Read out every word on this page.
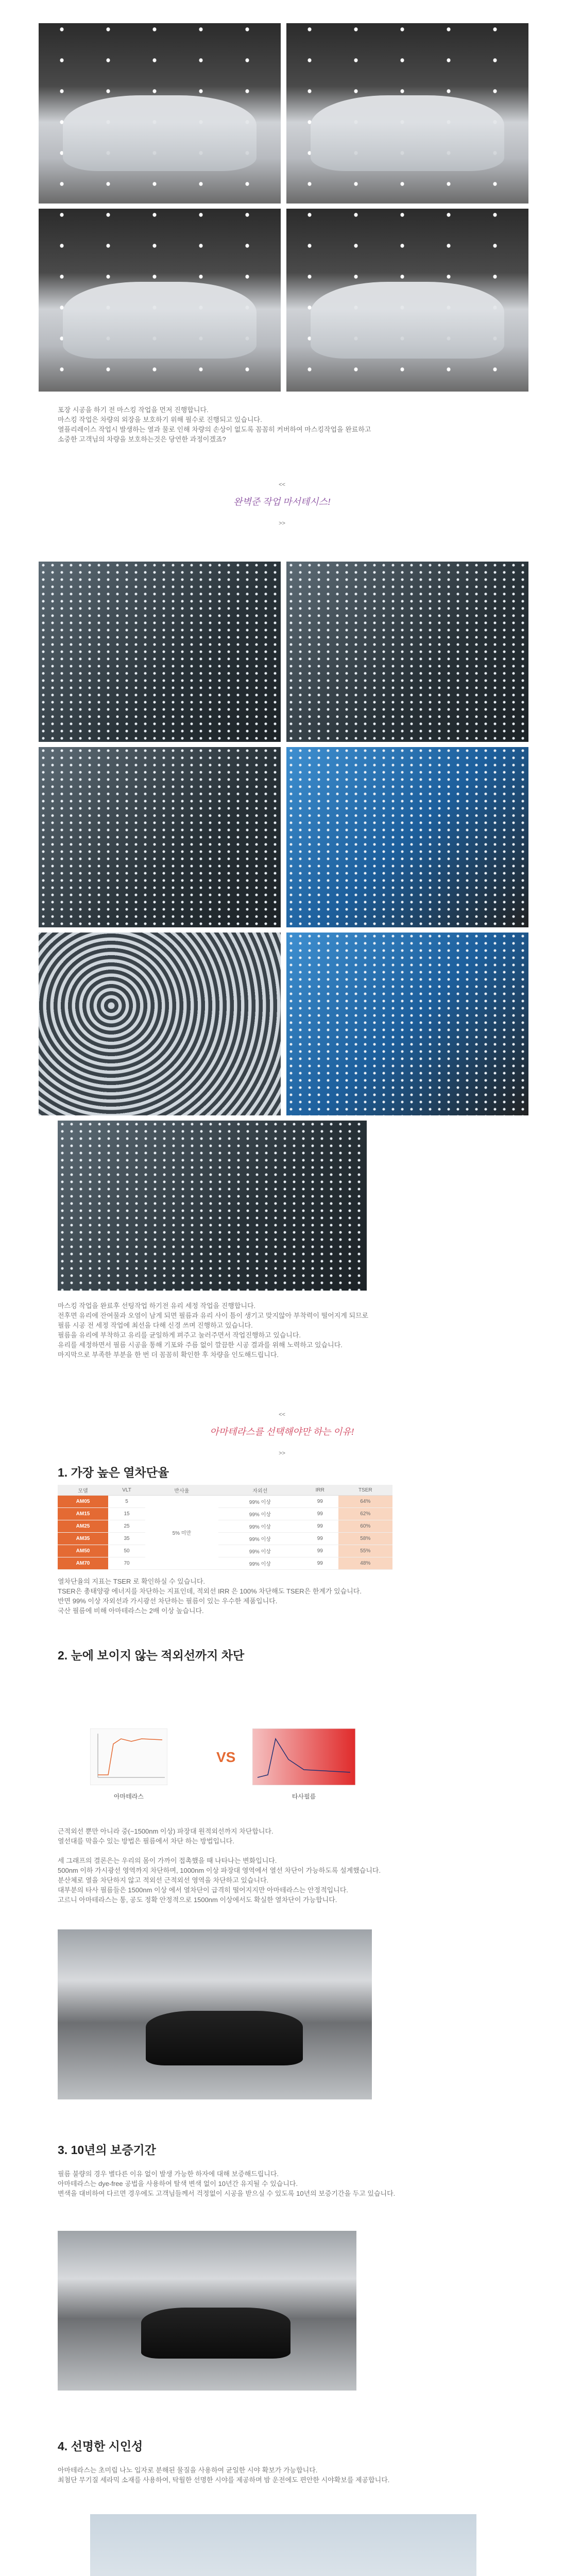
포장 시공을 하기 전 마스킹 작업을 먼저 진행합니다.

마스킹 작업은 차량의 외장을 보호하기 위해 필수로 진행되고 있습니다.

열플리레이스 작업시 발생하는 열과 물로 인해 차량의 손상이 없도록 꼼꼼히 커버하여 마스킹작업을 완료하고

소중한 고객님의 차량을 보호하는것은 당연한 과정이겠죠?

<<
완벽준 작업 마서테시스!
>>

마스킹 작업을 완료후 선팅작업 하기전 유리 세정 작업을 진행합니다.

전후면 유리에 잔여물과 오염이 남게 되면 필름과 유리 사이 틈이 생기고 맞지않아 부착력이 떨어지게 되므로

필름 시공 전 세정 작업에 최선을 다해 신경 쓰며 진행하고 있습니다.

필름을 유리에 부착하고 유리를 균일하게 펴주고 눌러주면서 작업진행하고 있습니다.

유리를 세정하면서 필름 시공을 통해 기포와 주름 없이 깔끔한 시공 결과를 위해 노력하고 있습니다.

마지막으로 부족한 부분을 한 번 더 꼼꼼히 확인한 후 차량을 인도해드립니다.

<<
아마테라스를 선택해야만 하는 이유!
>>
1. 가장 높은 열차단율
모델	VLT	반사율	자외선	IRR	TSER
AM05	5	5% 미만	99% 이상	99	64%
AM15	15		99% 이상	99	62%
AM25	25		99% 이상	99	60%
AM35	35		99% 이상	99	58%
AM50	50		99% 이상	99	55%
AM70	70		99% 이상	99	48%

열차단율의 지표는 TSER 로 확인하실 수 있습니다.

TSER은 총태양광 에너지를 차단하는 지표인데, 적외선 IRR 은 100% 차단해도 TSER은 한계가 있습니다.

반면 99% 이상 자외선과 가시광선 차단하는 필름이 있는 우수한 제품입니다.

국산 필름에 비해 아마테라스는 2배 이상 높습니다.

2. 눈에 보이지 않는 적외선까지 차단
VS
아마테라스	타사필름

근적외선 뿐만 아니라 중(~1500nm 이상) 파장대 원적외선까지 차단합니다.

열선대를 막을수 있는 방법은 필름에서 차단 하는 방법입니다.

세 그래프의 결론은는 우리의 몸이 가까이 접촉했을 때 나타나는 변화입니다.

500nm 이하 가시광선 영역까지 차단하며, 1000nm 이상 파장대 영역에서 열선 차단이 가능하도록 설계했습니다.

분산체로 열을 차단하지 않고 적외선 근적외선 영역을 차단하고 있습니다.

대부분의 타사 필름들은 1500nm 이상 에서 열차단이 급격히 떨어지지만 아마테라스는 안정적입니다.

고르니 아마테라스는 통, 공도 정확 안정적으로 1500nm 이상에서도 확실한 열차단이 가능합니다.

3. 10년의 보증기간

필름 불량의 경우 별다른 이유 없이 발생 가능한 하자에 대해 보증해드립니다.

아마테라스는 dye-free 공법을 사용하여 탈색 변색 없이 10년간 유지될 수 있습니다.

변색을 대비하여 다르면 경우에도 고객님들께서 걱정없이 시공을 받으실 수 있도록 10년의 보증기간을 두고 있습니다.

4. 선명한 시인성

아마테라스는 초미립 나노 입자로 분해된 물질을 사용하여 균일한 시야 확보가 가능합니다.

최첨단 무기질 세라믹 소재를 사용하여, 탁월한 선명한 시야를 제공하며 밤 운전에도 편안한 시야확보를 제공합니다.
